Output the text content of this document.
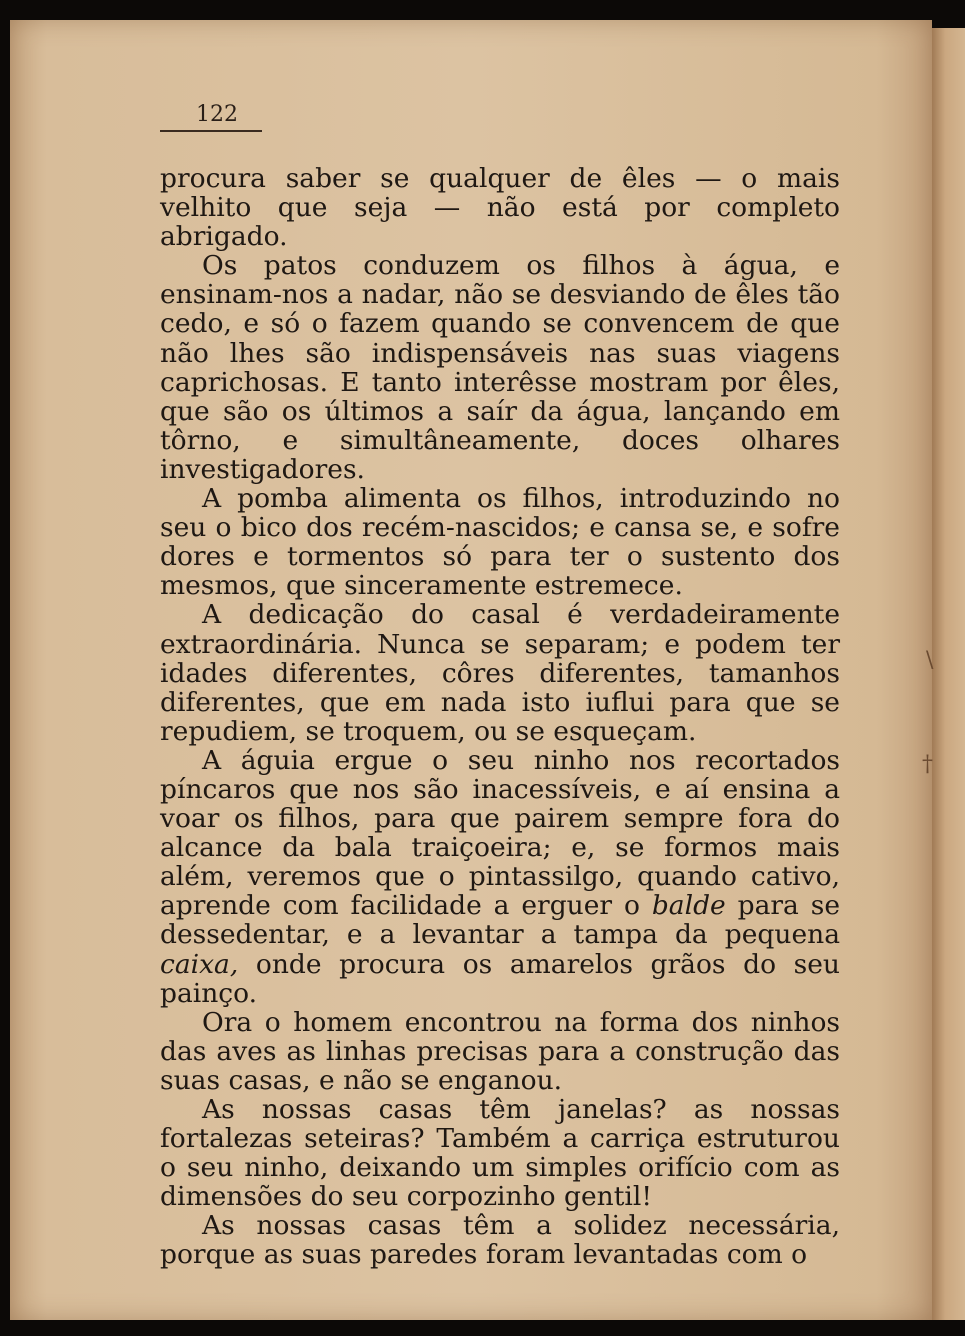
\
†
122

procura saber se qualquer de êles — o mais velhito que seja — não está por completo abrigado.

Os patos conduzem os filhos à água, e ensinam-nos a nadar, não se desviando de êles tão cedo, e só o fazem quando se convencem de que não lhes são indispensáveis nas suas viagens caprichosas. E tanto interêsse mostram por êles, que são os últimos a saír da água, lançando em tôrno, e simultâneamente, doces olhares investigadores.

A pomba alimenta os filhos, introduzindo no seu o bico dos recém-nascidos; e cansa se, e sofre dores e tormentos só para ter o sustento dos mesmos, que sinceramente estremece.

A dedicação do casal é verdadeiramente extraordinária. Nunca se separam; e podem ter idades diferentes, côres diferentes, tamanhos diferentes, que em nada isto iuflui para que se repudiem, se troquem, ou se esqueçam.

A águia ergue o seu ninho nos recortados píncaros que nos são inacessíveis, e aí ensina a voar os filhos, para que pairem sempre fora do alcance da bala traiçoeira; e, se formos mais além, veremos que o pintassilgo, quando cativo, aprende com facilidade a erguer o balde para se dessedentar, e a levantar a tampa da pequena caixa, onde procura os amarelos grãos do seu painço.

Ora o homem encontrou na forma dos ninhos das aves as linhas precisas para a construção das suas casas, e não se enganou.

As nossas casas têm janelas? as nossas fortalezas seteiras? Também a carriça estruturou o seu ninho, deixando um simples orifício com as dimensões do seu corpozinho gentil!

As nossas casas têm a solidez necessária, porque as suas paredes foram levantadas com o
